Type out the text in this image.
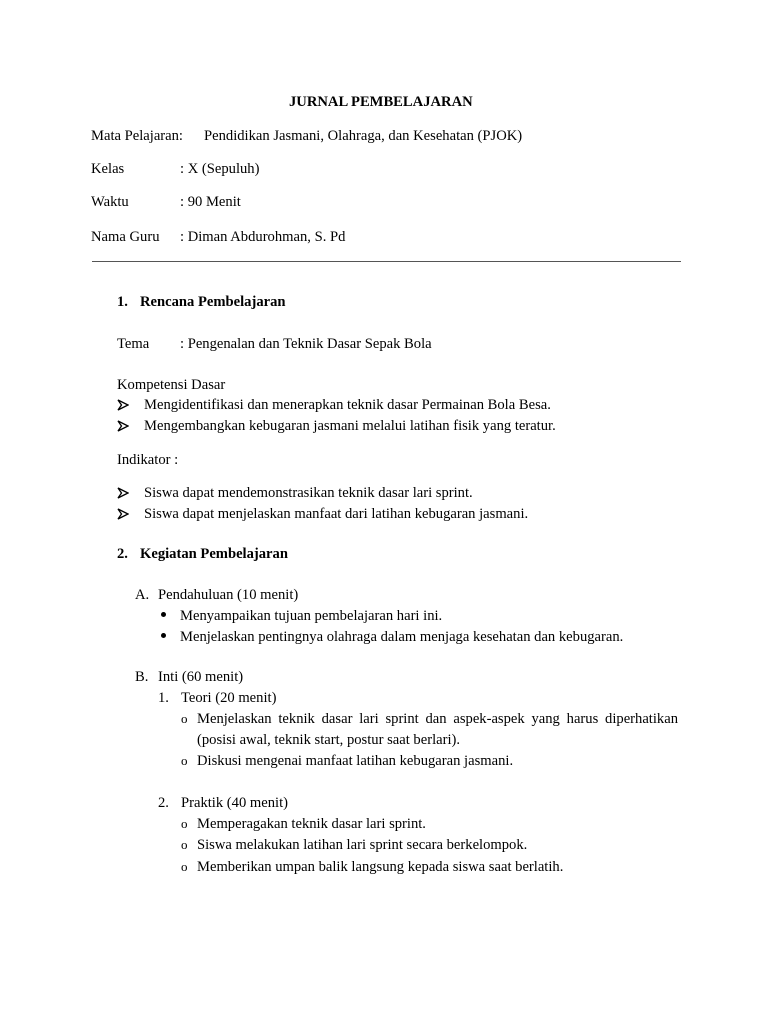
JURNAL PEMBELAJARAN
Mata Pelajaran: Pendidikan Jasmani, Olahraga, dan Kesehatan (PJOK)
Kelas	: X (Sepuluh)
Waktu	: 90 Menit
Nama Guru : Diman Abdurohman, S. Pd
1. Rencana Pembelajaran
Tema : Pengenalan dan Teknik Dasar Sepak Bola
Kompetensi Dasar
Mengidentifikasi dan menerapkan teknik dasar Permainan Bola Besa.
Mengembangkan kebugaran jasmani melalui latihan fisik yang teratur.
Indikator :
Siswa dapat mendemonstrasikan teknik dasar lari sprint.
Siswa dapat menjelaskan manfaat dari latihan kebugaran jasmani.
2. Kegiatan Pembelajaran
A. Pendahuluan (10 menit)
Menyampaikan tujuan pembelajaran hari ini.
Menjelaskan pentingnya olahraga dalam menjaga kesehatan dan kebugaran.
B. Inti (60 menit)
1. Teori (20 menit)
o Menjelaskan teknik dasar lari sprint dan aspek-aspek yang harus diperhatikan
(posisi awal, teknik start, postur saat berlari).
o Diskusi mengenai manfaat latihan kebugaran jasmani.
2. Praktik (40 menit)
o Memperagakan teknik dasar lari sprint.
o Siswa melakukan latihan lari sprint secara berkelompok.
o Memberikan umpan balik langsung kepada siswa saat berlatih.
